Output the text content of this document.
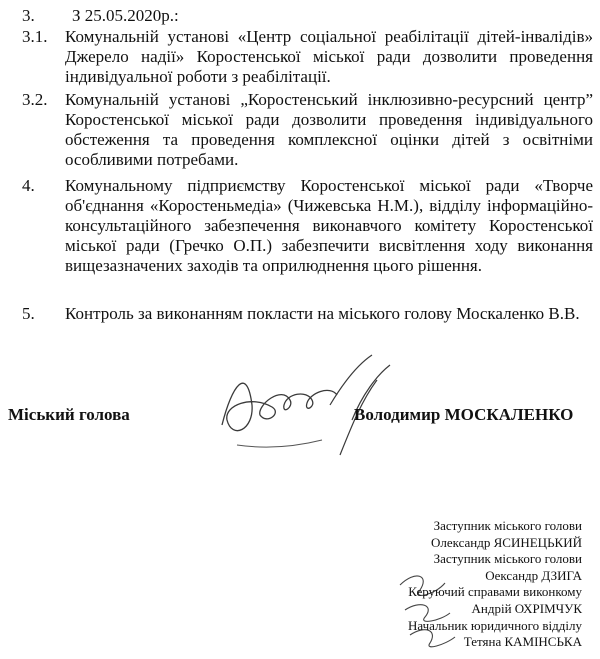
3. З 25.05.2020р.:
3.1. Комунальній установі «Центр соціальної реабілітації дітей-інвалідів» Джерело надії» Коростенської міської ради дозволити проведення індивідуальної роботи з реабілітації.
3.2. Комунальній установі „Коростенський інклюзивно-ресурсний центр” Коростенської міської ради дозволити проведення індивідуального обстеження та проведення комплексної оцінки дітей з освітніми особливими потребами.
4. Комунальному підприємству Коростенської міської ради «Творче об'єднання «Коростеньмедіа» (Чижевська Н.М.), відділу інформаційно-консультаційного забезпечення виконавчого комітету Коростенської міської ради (Гречко О.П.) забезпечити висвітлення ходу виконання вищезазначених заходів та оприлюднення цього рішення.
5. Контроль за виконанням покласти на міського голову Москаленко В.В.
Міський голова	Володимир МОСКАЛЕНКО
Заступник міського голови
Олександр ЯСИНЕЦЬКИЙ
Заступник міського голови
Оександр ДЗИГА
Керуючий справами виконкому
Андрій ОХРІМЧУК
Начальник юридичного відділу
Тетяна КАМІНСЬКА
